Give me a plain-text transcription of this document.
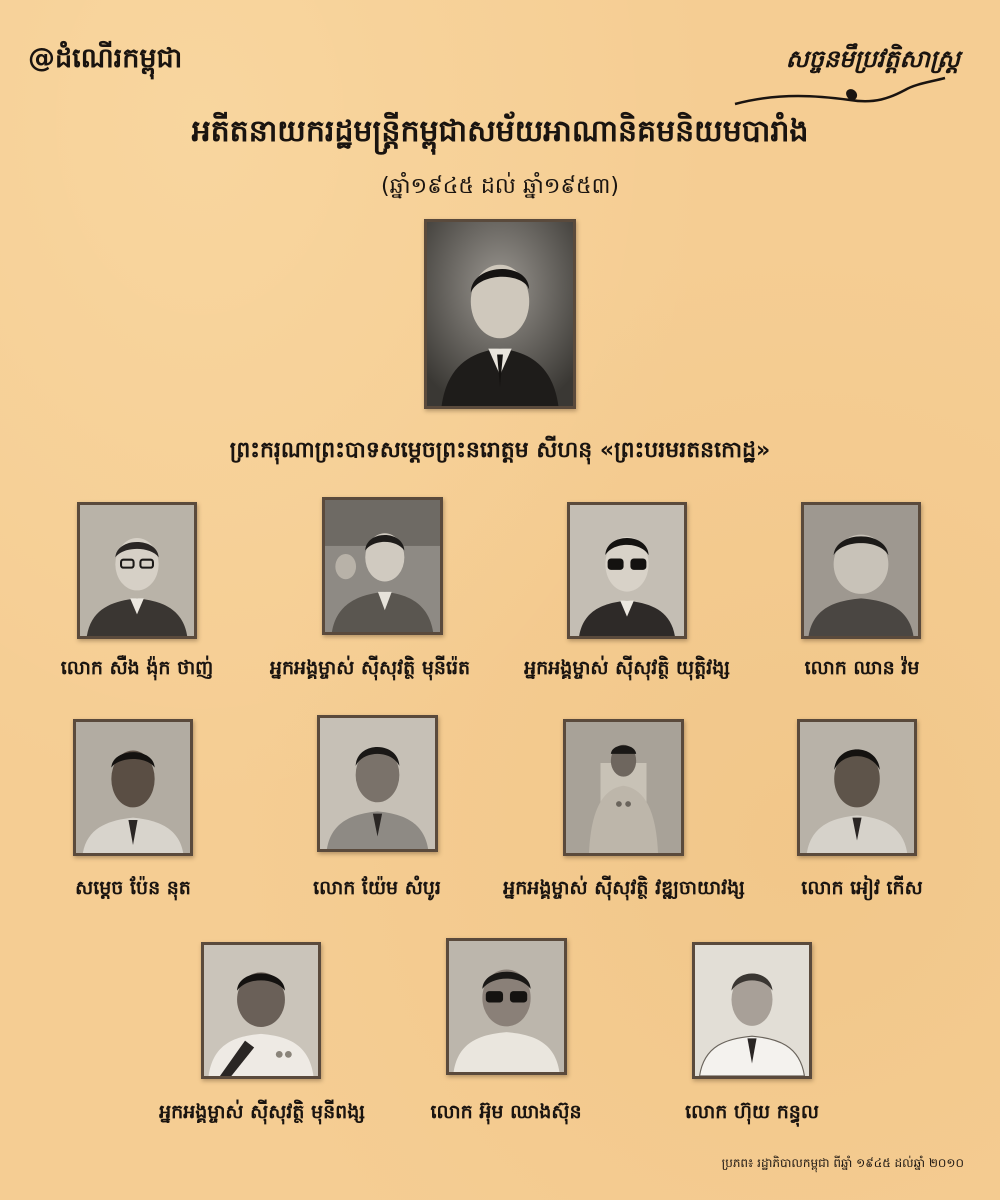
@ដំណើរកម្ពុជា	សច្ចនមឹប្រវត្តិសាស្ត្រ
អតីតនាយករដ្ឋមន្ត្រីកម្ពុជាសម័យអាណានិគមនិយមបារាំង
(ឆ្នាំ១៩៤៥ ដល់ ឆ្នាំ១៩៥៣)
ព្រះករុណាព្រះបាទសម្តេចព្រះនរោត្តម សីហនុ «ព្រះបរមរតនកោដ្ឋ»
លោក សឺង ង៉ុក ថាញ់	អ្នកអង្គម្ចាស់ ស៊ីសុវត្ថិ មុនីរ៉េត	អ្នកអង្គម្ចាស់ ស៊ីសុវត្ថិ យុត្តិវង្ស	លោក ឈាន វ៉ម
សម្តេច ប៉ែន នុត	លោក យ៉ែម សំបូរ	អ្នកអង្គម្ចាស់ ស៊ីសុវត្ថិ វឌ្ឍចាយាវង្ស	លោក អៀវ កើស
អ្នកអង្គម្ចាស់ ស៊ីសុវត្ថិ មុនីពង្ស	លោក អ៊ុម ឈាងស៊ុន	លោក ហ៊ុយ កន្ធុល
ប្រភព៖ រដ្ឋាភិបាលកម្ពុជា ពីឆ្នាំ ១៩៤៥ ដល់ឆ្នាំ ២០១០
